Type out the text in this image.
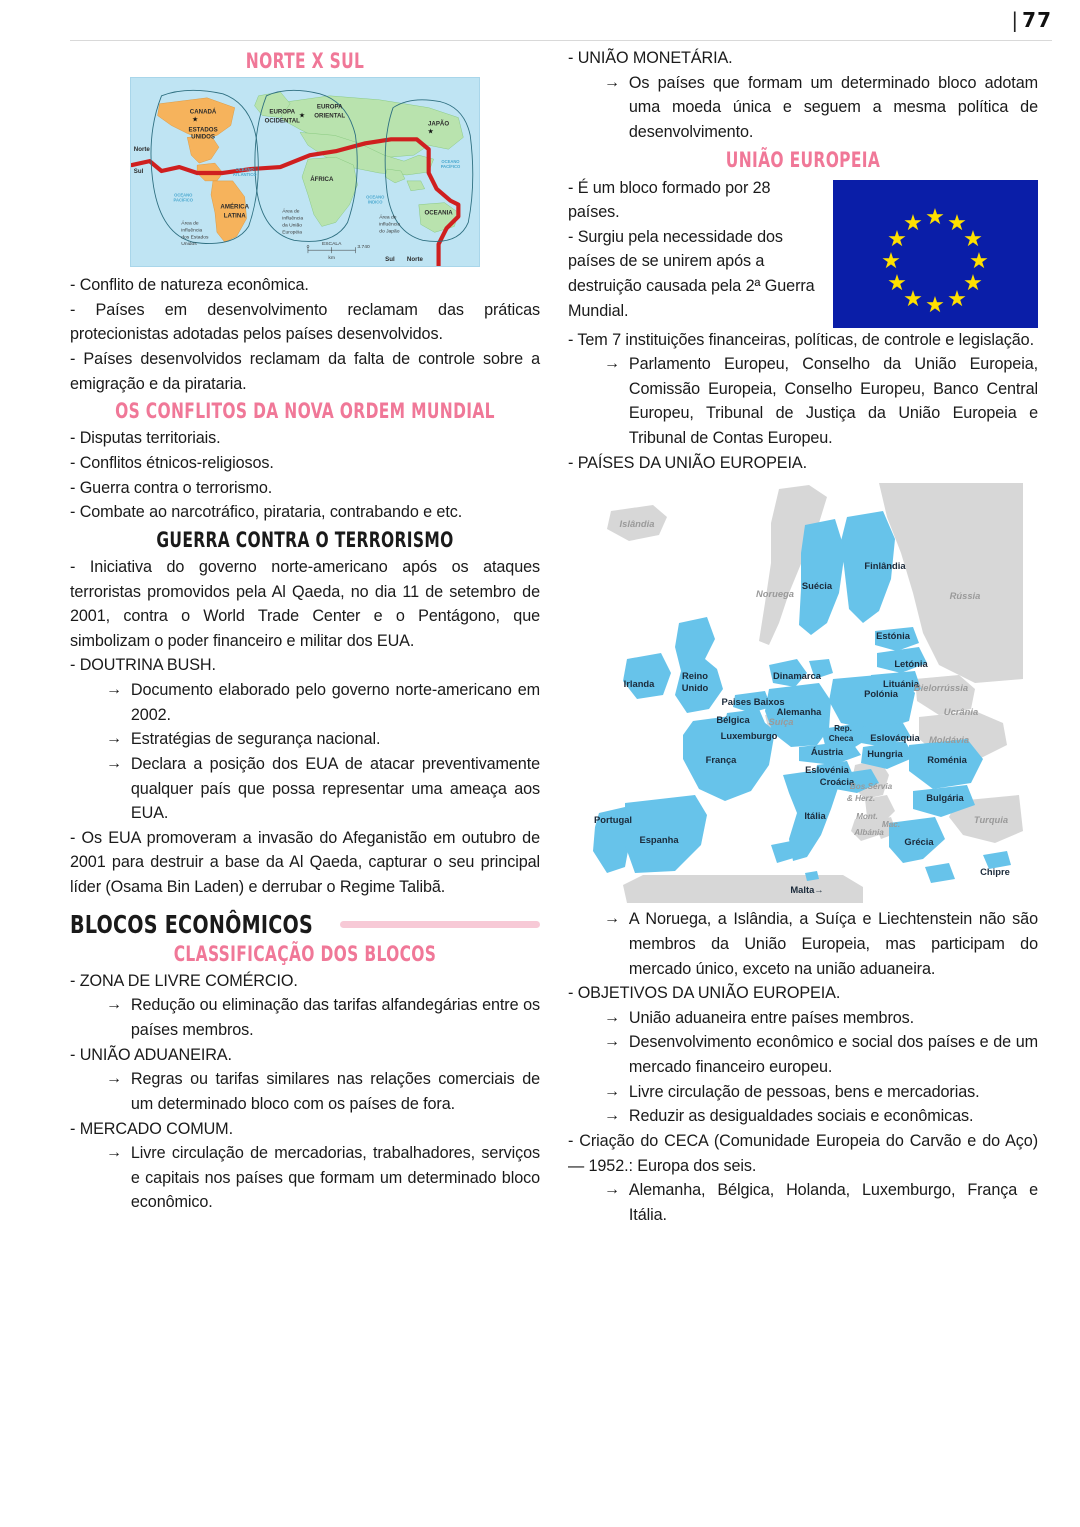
| 77
NORTE X SUL
★
★
★
CANADÁ
ESTADOS
UNIDOS
AMÉRICA
LATINA
EUROPA
OCIDENTAL
EUROPA
ORIENTAL
ÁFRICA
JAPÃO
OCEANIA
OCEANO
ATLÂNTICO
OCEANO
PACÍFICO
OCEANO
ÍNDICO
OCEANO
PACÍFICO
Norte
Sul
Sul Norte
Área de
influência
dos Estados
Unidos
Área de
influência
da União
Européia
Área de
influência
do Japão
ESCALA
0	3.740
km

- Conflito de natureza econômica.

- Países em desenvolvimento reclamam das práticas protecionistas adotadas pelos países desenvolvidos.

- Países desenvolvidos reclamam da falta de controle sobre a emigração e da pirataria.

OS CONFLITOS DA NOVA ORDEM MUNDIAL

- Disputas territoriais.

- Conflitos étnicos-religiosos.

- Guerra contra o terrorismo.

- Combate ao narcotráfico, pirataria, contrabando e etc.

GUERRA CONTRA O TERRORISMO

- Iniciativa do governo norte-americano após os ataques terroristas promovidos pela Al Qaeda, no dia 11 de setembro de 2001, contra o World Trade Center e o Pentágono, que simbolizam o poder financeiro e militar dos EUA.

- DOUTRINA BUSH.

→ Documento elaborado pelo governo norte-americano em 2002.
→ Estratégias de segurança nacional.
→ Declara a posição dos EUA de atacar preventivamente qualquer país que possa representar uma ameaça aos EUA.

- Os EUA promoveram a invasão do Afeganistão em outubro de 2001 para destruir a base da Al Qaeda, capturar o seu principal líder (Osama Bin Laden) e derrubar o Regime Talibã.

BLOCOS ECONÔMICOS
CLASSIFICAÇÃO DOS BLOCOS

- ZONA DE LIVRE COMÉRCIO.

→ Redução ou eliminação das tarifas alfandegárias entre os países membros.

- UNIÃO ADUANEIRA.

→ Regras ou tarifas similares nas relações comerciais de um determinado bloco com os países de fora.

- MERCADO COMUM.

→ Livre circulação de mercadorias, trabalhadores, serviços e capitais nos países que formam um determinado bloco econômico.

- UNIÃO MONETÁRIA.

→ Os países que formam um determinado bloco adotam uma moeda única e seguem a mesma política de desenvolvimento.
UNIÃO EUROPEIA

- É um bloco formado por 28 países.

- Surgiu pela necessidade dos países de se unirem após a destruição causada pela 2ª Guerra Mundial.

★ ★
★
★
★
★
★
★
★
★
★
★

- Tem 7 instituições financeiras, políticas, de controle e legislação.

→ Parlamento Europeu, Conselho da União Europeia, Comissão Europeia, Conselho Europeu, Banco Central Europeu, Tribunal de Justiça da União Europeia e Tribunal de Contas Europeu.

- PAÍSES DA UNIÃO EUROPEIA.

Finlândia
Suécia
Estónia
Letónia
Lituánia
Dinamarca
Irlanda
Reino
Unido
Paises Baixos
Polónia
Bélgica
Alemanha
Rep.
Checa
Luxemburgo	Eslováquia
Áustria	Hungria
Roménia
França
Eslovénia
Croácia
Bulgária
Itália
Portugal
Espanha	Grécia
Chipre
Malta→
Islândia
Noruega	Rússia
Bielorrússia
Ucrânia
Moldávia
Suíça
Bos.Sérvia
& Herz.
Mont.
Mac.
Albánia
Turquia
→ A Noruega, a Islândia, a Suíça e Liechtenstein não são membros da União Europeia, mas participam do mercado único, exceto na união aduaneira.

- OBJETIVOS DA UNIÃO EUROPEIA.

→ União aduaneira entre países membros.
→ Desenvolvimento econômico e social dos países e de um mercado financeiro europeu.
→ Livre circulação de pessoas, bens e mercadorias.
→ Reduzir as desigualdades sociais e econômicas.

- Criação do CECA (Comunidade Europeia do Carvão e do Aço) — 1952.: Europa dos seis.

→ Alemanha, Bélgica, Holanda, Luxemburgo, França e Itália.
